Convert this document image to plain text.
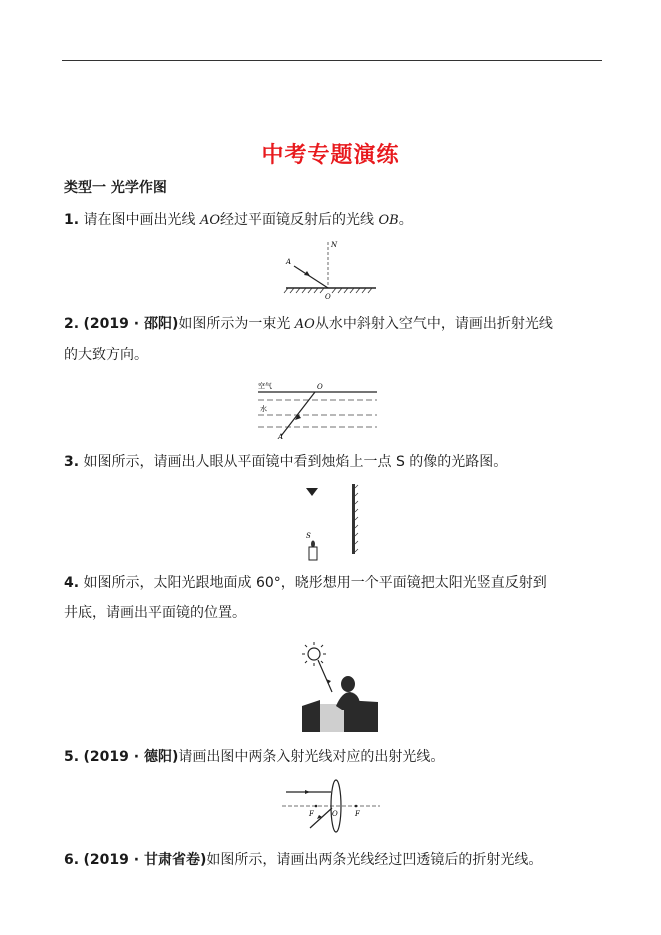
中考专题演练
类型一 光学作图
1. 请在图中画出光线 AO经过平面镜反射后的光线 OB。
A
N
O
2. (2019 · 邵阳)如图所示为一束光 AO从水中斜射入空气中，请画出折射光线
的大致方向。
空气	O
水
A
3. 如图所示，请画出人眼从平面镜中看到烛焰上一点 S 的像的光路图。
S
4. 如图所示，太阳光跟地面成 60°，晓彤想用一个平面镜把太阳光竖直反射到
井底，请画出平面镜的位置。
5. (2019 · 德阳)请画出图中两条入射光线对应的出射光线。
F	O F
6. (2019 · 甘肃省卷)如图所示，请画出两条光线经过凹透镜后的折射光线。
